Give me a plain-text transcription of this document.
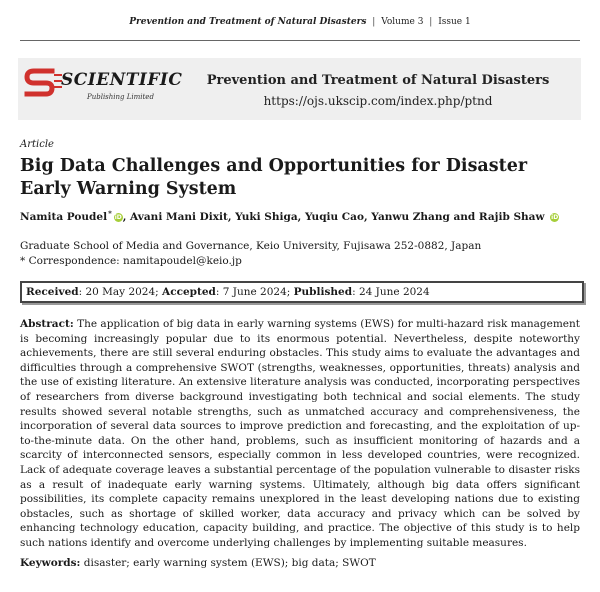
Prevention and Treatment of Natural Disasters | Volume 3 | Issue 1
SCIENTIFIC
Publishing Limited
Prevention and Treatment of Natural Disasters
https://ojs.ukscip.com/index.php/ptnd
Article
Big Data Challenges and Opportunities for Disaster Early Warning System
Namita Poudel* iD, Avani Mani Dixit, Yuki Shiga, Yuqiu Cao, Yanwu Zhang and Rajib Shaw iD
Graduate School of Media and Governance, Keio University, Fujisawa 252-0882, Japan
* Correspondence: namitapoudel@keio.jp
Received: 20 May 2024; Accepted: 7 June 2024; Published: 24 June 2024

Abstract: The application of big data in early warning systems (EWS) for multi-hazard risk management is becoming increasingly popular due to its enormous potential. Nevertheless, despite noteworthy achievements, there are still several enduring obstacles. This study aims to evaluate the advantages and difficulties through a comprehensive SWOT (strengths, weaknesses, opportunities, threats) analysis and the use of existing literature. An extensive literature analysis was conducted, incorporating perspectives of researchers from diverse background investigating both technical and social elements. The study results showed several notable strengths, such as unmatched accuracy and comprehensiveness, the incorporation of several data sources to improve prediction and forecasting, and the exploitation of up-to-the-minute data. On the other hand, problems, such as insufficient monitoring of hazards and a scarcity of interconnected sensors, especially common in less developed countries, were recognized. Lack of adequate coverage leaves a substantial percentage of the population vulnerable to disaster risks as a result of inadequate early warning systems. Ultimately, although big data offers significant possibilities, its complete capacity remains unexplored in the least developing nations due to existing obstacles, such as shortage of skilled worker, data accuracy and privacy which can be solved by enhancing technology education, capacity building, and practice. The objective of this study is to help such nations identify and overcome underlying challenges by implementing suitable measures.

Keywords: disaster; early warning system (EWS); big data; SWOT
